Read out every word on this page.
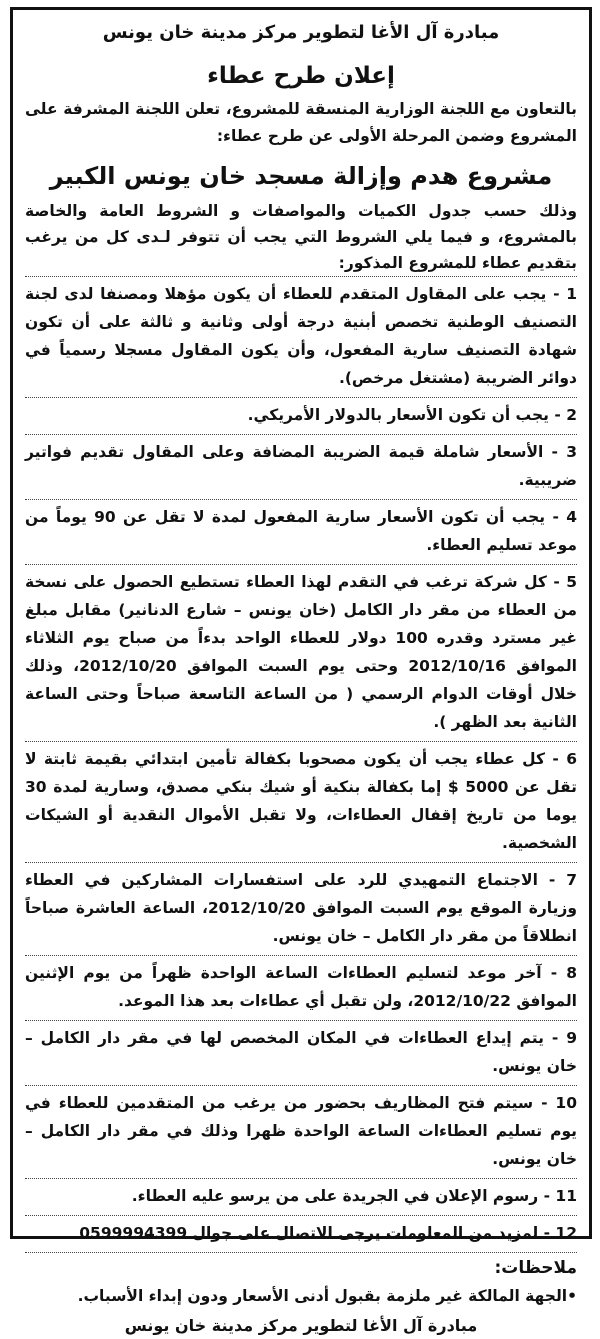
مبادرة آل الأغا لتطوير مركز مدينة خان يونس
إعلان طرح عطاء
بالتعاون مع اللجنة الوزارية المنسقة للمشروع، تعلن اللجنة المشرفة على المشروع وضمن المرحلة الأولى عن طرح عطاء:
مشروع هدم وإزالة مسجد خان يونس الكبير
وذلك حسب جدول الكميات والمواصفات و الشروط العامة والخاصة بالمشروع، و فيما يلي الشروط التي يجب أن تتوفر لـدى كل من يرغب بتقديم عطاء للمشروع المذكور:
1 - يجب على المقاول المتقدم للعطاء أن يكون مؤهلا ومصنفا لدى لجنة التصنيف الوطنية تخصص أبنية درجة أولى وثانية و ثالثة على أن تكون شهادة التصنيف سارية المفعول، وأن يكون المقاول مسجلا رسمياً في دوائر الضريبة (مشتغل مرخص).
2 - يجب أن تكون الأسعار بالدولار الأمريكي.
3 - الأسعار شاملة قيمة الضريبة المضافة وعلى المقاول تقديم فواتير ضريبية.
4 - يجب أن تكون الأسعار سارية المفعول لمدة لا تقل عن 90 يوماً من موعد تسليم العطاء.
5 - كل شركة ترغب في التقدم لهذا العطاء تستطيع الحصول على نسخة من العطاء من مقر دار الكامل (خان يونس – شارع الدنانير) مقابل مبلغ غير مسترد وقدره 100 دولار للعطاء الواحد بدءاً من صباح يوم الثلاثاء الموافق 2012/10/16 وحتى يوم السبت الموافق 2012/10/20، وذلك خلال أوقات الدوام الرسمي ( من الساعة التاسعة صباحاً وحتى الساعة الثانية بعد الظهر ).
6 - كل عطاء يجب أن يكون مصحوبا بكفالة تأمين ابتدائي بقيمة ثابتة لا تقل عن 5000 $ إما بكفالة بنكية أو شيك بنكي مصدق، وسارية لمدة 30 يوما من تاريخ إقفال العطاءات، ولا تقبل الأموال النقدية أو الشيكات الشخصية.
7 - الاجتماع التمهيدي للرد على استفسارات المشاركين في العطاء وزيارة الموقع يوم السبت الموافق 2012/10/20، الساعة العاشرة صباحاً انطلاقاً من مقر دار الكامل – خان يونس.
8 - آخر موعد لتسليم العطاءات الساعة الواحدة ظهراً من يوم الإثنين الموافق 2012/10/22، ولن تقبل أي عطاءات بعد هذا الموعد.
9 - يتم إيداع العطاءات في المكان المخصص لها في مقر دار الكامل – خان يونس.
10 - سيتم فتح المظاريف بحضور من يرغب من المتقدمين للعطاء في يوم تسليم العطاءات الساعة الواحدة ظهرا وذلك في مقر دار الكامل – خان يونس.
11 - رسوم الإعلان في الجريدة على من يرسو عليه العطاء.
12 - لمزيد من المعلومات يرجى الاتصال على جوال 0599994399
ملاحظات:
•الجهة المالكة غير ملزمة بقبول أدنى الأسعار ودون إبداء الأسباب.
مبادرة آل الأغا لتطوير مركز مدينة خان يونس
